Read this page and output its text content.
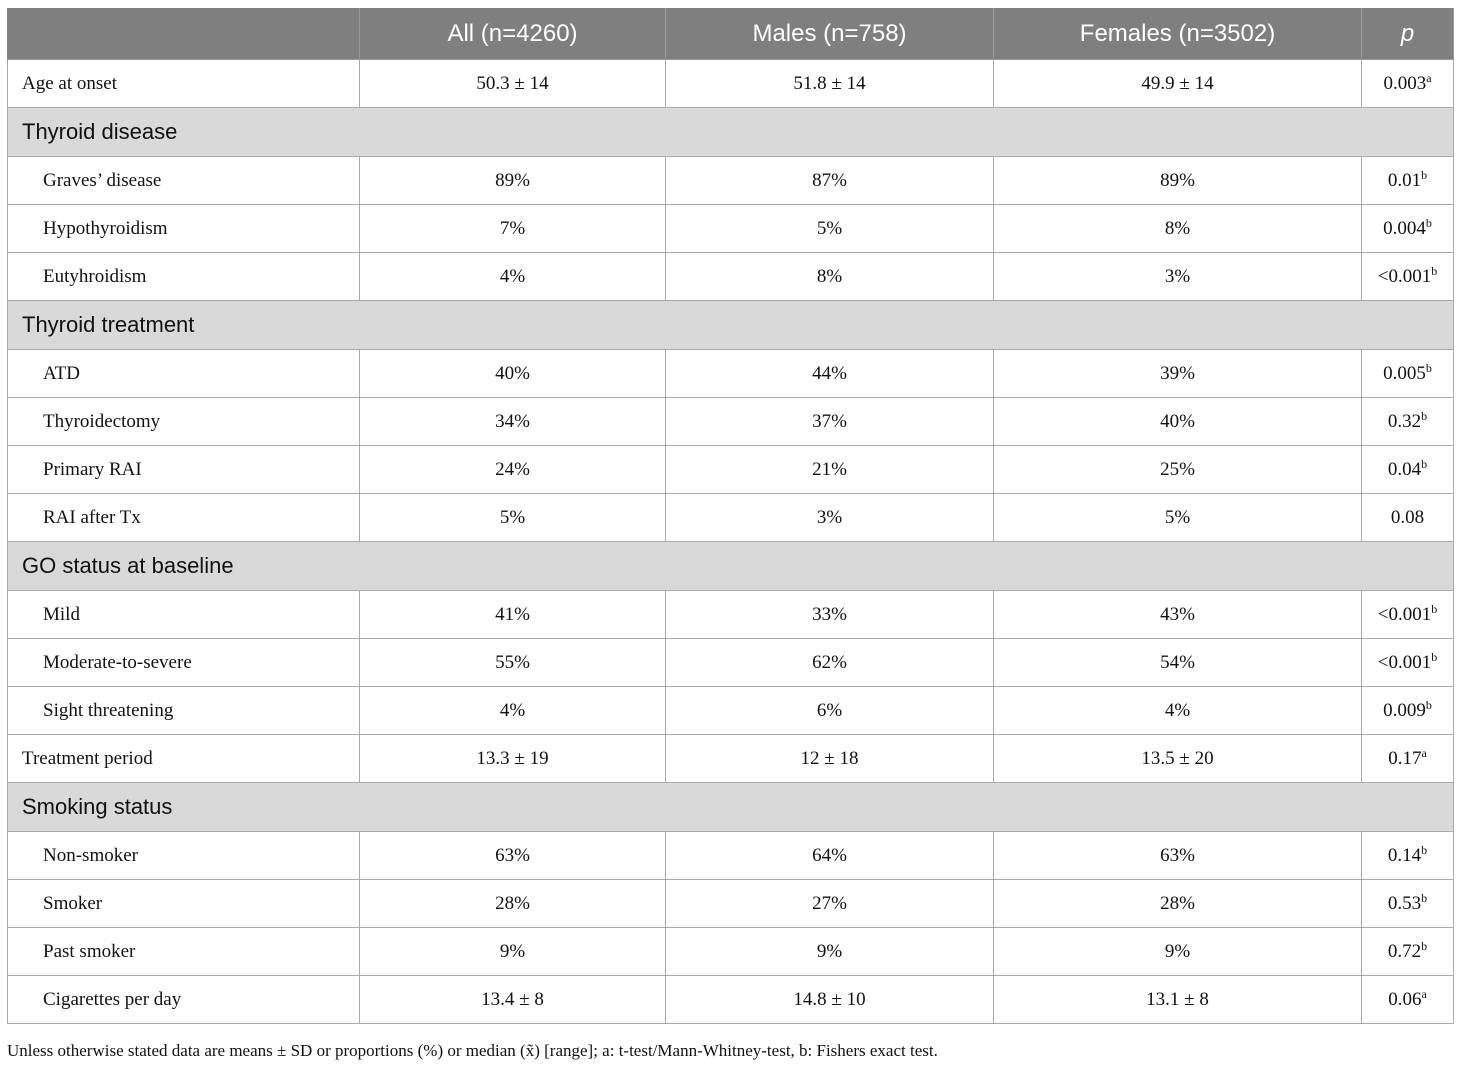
	All (n=4260)	Males (n=758)	Females (n=3502)	p
Age at onset	50.3 ± 14	51.8 ± 14	49.9 ± 14	0.003$^a$
Thyroid disease				
Graves’ disease	89%	87%	89%	0.01$^b$
Hypothyroidism	7%	5%	8%	0.004$^b$
Eutyhroidism	4%	8%	3%	<0.001$^b$
Thyroid treatment				
ATD	40%	44%	39%	0.005$^b$
Thyroidectomy	34%	37%	40%	0.32$^b$
Primary RAI	24%	21%	25%	0.04$^b$
RAI after Tx	5%	3%	5%	0.08
GO status at baseline				
Mild	41%	33%	43%	<0.001$^b$
Moderate-to-severe	55%	62%	54%	<0.001$^b$
Sight threatening	4%	6%	4%	0.009$^b$
Treatment period	13.3 ± 19	12 ± 18	13.5 ± 20	0.17$^a$
Smoking status				
Non-smoker	63%	64%	63%	0.14$^b$
Smoker	28%	27%	28%	0.53$^b$
Past smoker	9%	9%	9%	0.72$^b$
Cigarettes per day	13.4 ± 8	14.8 ± 10	13.1 ± 8	0.06$^a$
Unless otherwise stated data are means ± SD or proportions (%) or median (x̃) [range]; a: t-test/Mann-Whitney-test, b: Fishers exact test.
